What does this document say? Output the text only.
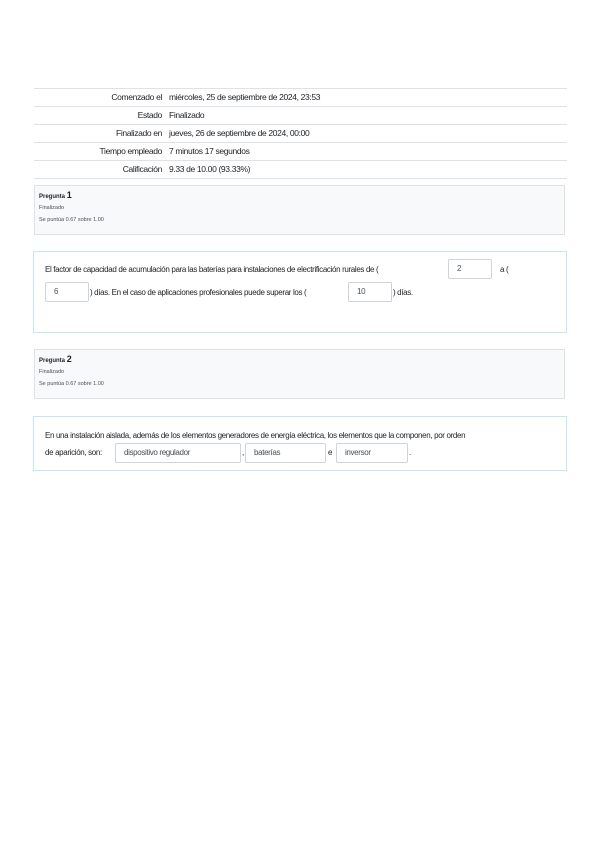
Comenzado el	miércoles, 25 de septiembre de 2024, 23:53
Estado	Finalizado
Finalizado en	jueves, 26 de septiembre de 2024, 00:00
Tiempo empleado	7 minutos 17 segundos
Calificación	9.33 de 10.00 (93.33%)
Pregunta 1
Finalizado
Se puntúa 0.67 sobre 1.00
El factor de capacidad de acumulación para las baterías para instalaciones de electrificación rurales de (	2	a (
6	) días. En el caso de aplicaciones profesionales puede superar los (	10	) días.
Pregunta 2
Finalizado
Se puntúa 0.67 sobre 1.00
En una instalación aislada, además de los elementos generadores de energía eléctrica, los elementos que la componen, por orden
de aparición, son:	dispositivo regulador	,	baterías	e	inversor	.
